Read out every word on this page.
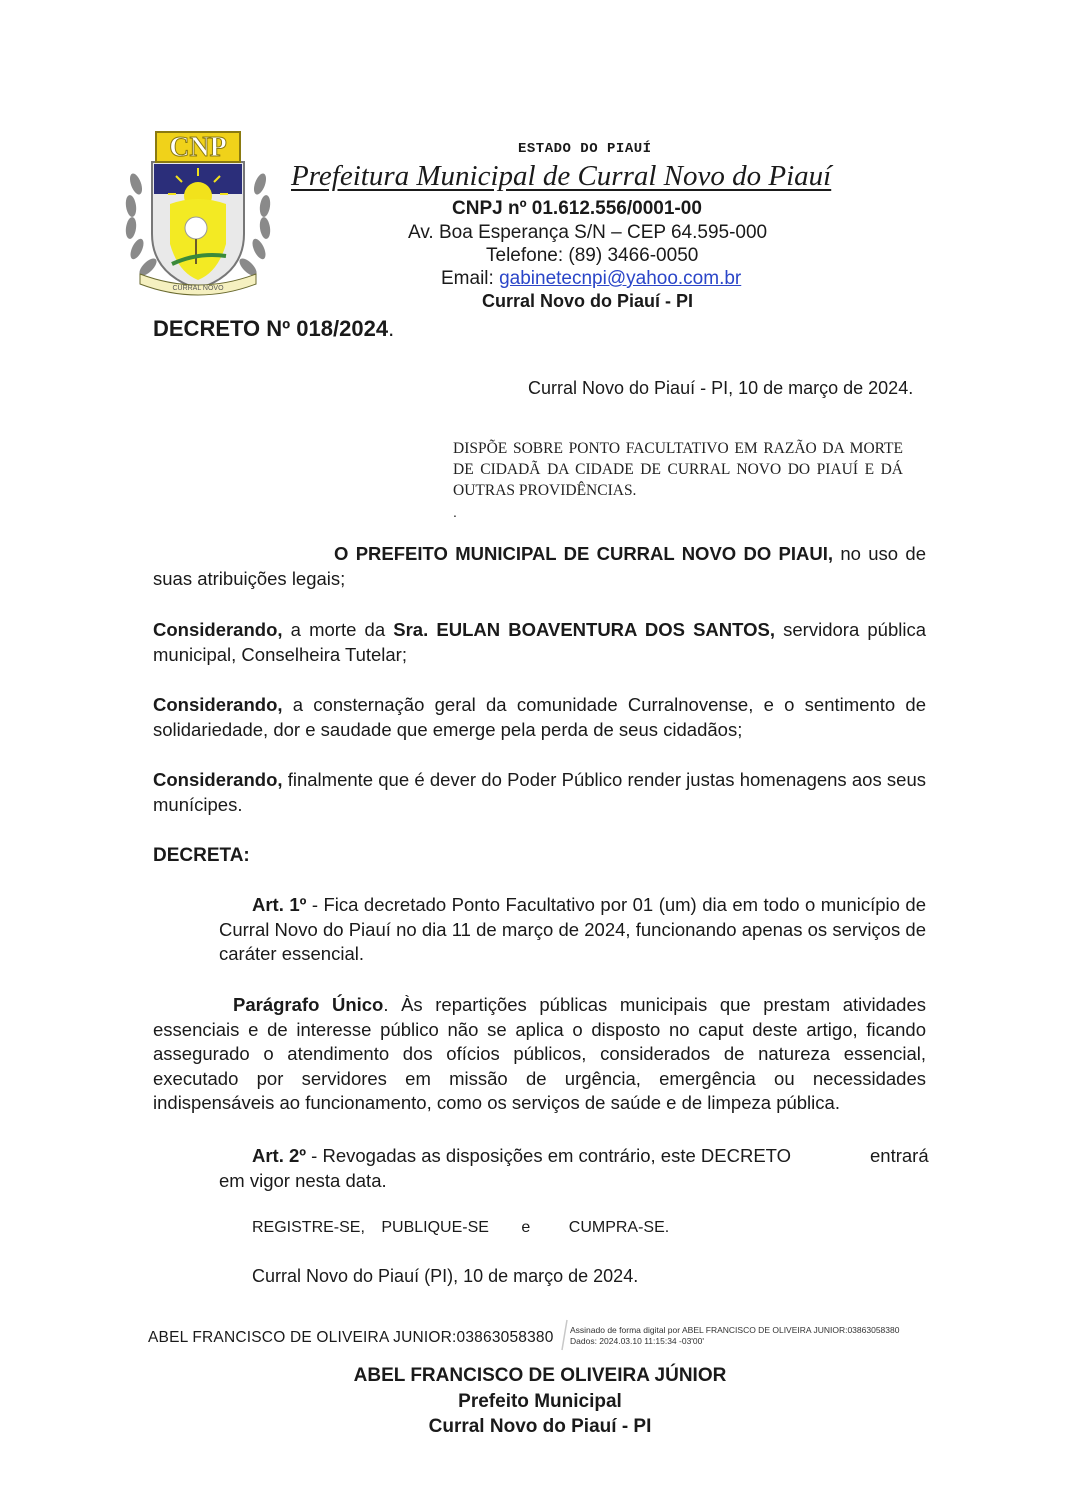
CNP
CURRAL NOVO
ESTADO DO PIAUÍ
Prefeitura Municipal de Curral Novo do Piauí
CNPJ nº 01.612.556/0001-00
Av. Boa Esperança S/N – CEP 64.595-000
Telefone: (89) 3466-0050
Email: gabinetecnpi@yahoo.com.br
Curral Novo do Piauí - PI
DECRETO Nº 018/2024.
Curral Novo do Piauí - PI, 10 de março de 2024.
DISPÕE SOBRE PONTO FACULTATIVO EM RAZÃO DA MORTE DE CIDADÃ DA CIDADE DE CURRAL NOVO DO PIAUÍ E DÁ OUTRAS PROVIDÊNCIAS.
.
O PREFEITO MUNICIPAL DE CURRAL NOVO DO PIAUI, no uso de suas atribuições legais;
Considerando, a morte da Sra. EULAN BOAVENTURA DOS SANTOS, servidora pública municipal, Conselheira Tutelar;
Considerando, a consternação geral da comunidade Curralnovense, e o sentimento de solidariedade, dor e saudade que emerge pela perda de seus cidadãos;
Considerando, finalmente que é dever do Poder Público render justas homenagens aos seus munícipes.
DECRETA:
Art. 1º - Fica decretado Ponto Facultativo por 01 (um) dia em todo o município de Curral Novo do Piauí no dia 11 de março de 2024, funcionando apenas os serviços de caráter essencial.
Parágrafo Único. Às repartições públicas municipais que prestam atividades essenciais e de interesse público não se aplica o disposto no caput deste artigo, ficando assegurado o atendimento dos ofícios públicos, considerados de natureza essencial, executado por servidores em missão de urgência, emergência ou necessidades indispensáveis ao funcionamento, como os serviços de saúde e de limpeza pública.
Art. 2º - Revogadas as disposições em contrário, este DECRETO	entrará
em vigor nesta data.
REGISTRE-SE, PUBLIQUE-SE e CUMPRA-SE.
Curral Novo do Piauí (PI), 10 de março de 2024.
ABEL FRANCISCO DE OLIVEIRA JUNIOR:03863058380 Assinado de forma digital por ABEL FRANCISCO DE OLIVEIRA JUNIOR:03863058380
Dados: 2024.03.10 11:15:34 -03'00'
ABEL FRANCISCO DE OLIVEIRA JÚNIOR
Prefeito Municipal
Curral Novo do Piauí - PI
